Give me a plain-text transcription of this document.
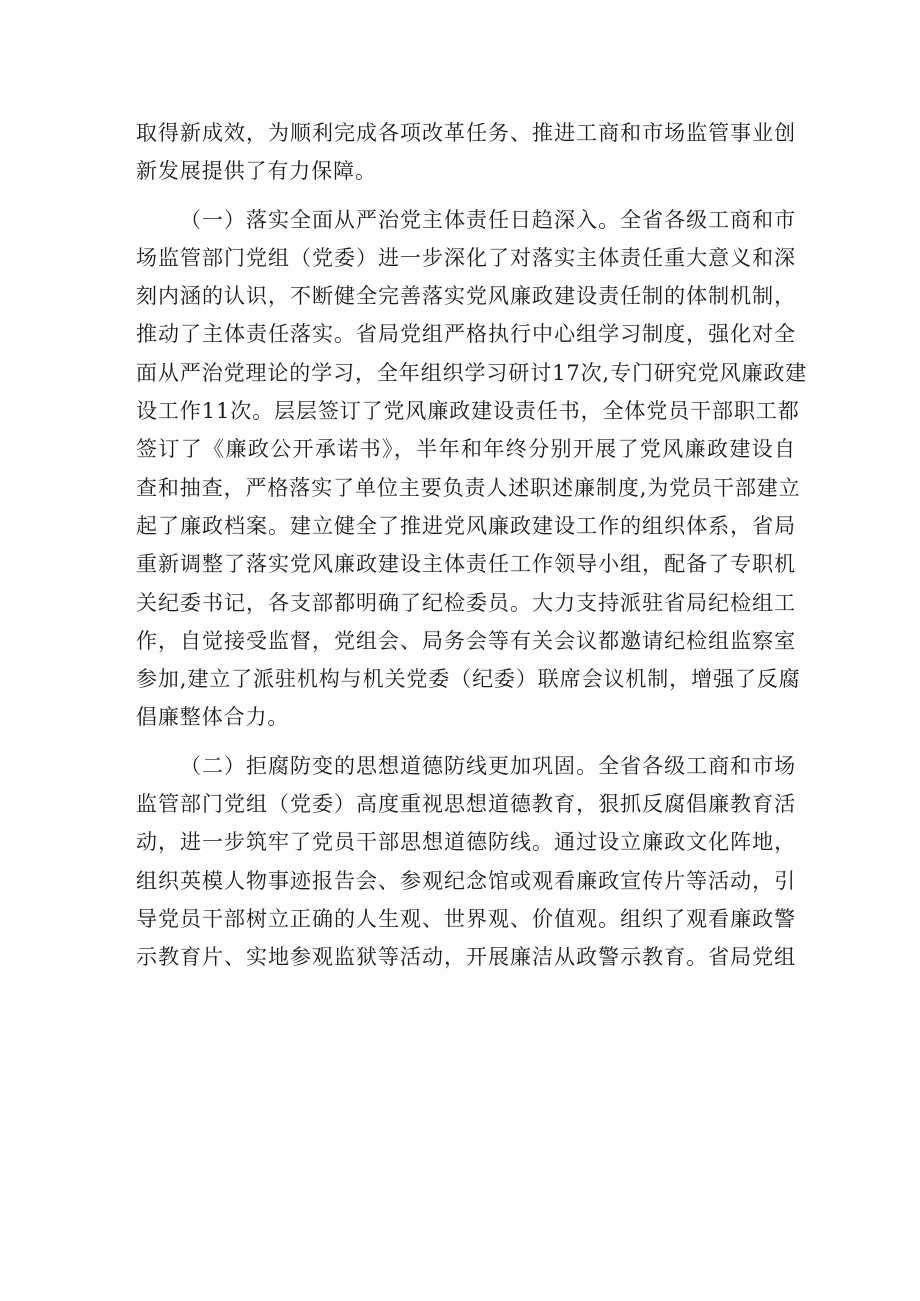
取得新成效，为顺利完成各项改革任务、推进工商和市场监管事业创
新发展提供了有力保障。
（一）落实全面从严治党主体责任日趋深入。全省各级工商和市
场监管部门党组（党委）进一步深化了对落实主体责任重大意义和深
刻内涵的认识，不断健全完善落实党风廉政建设责任制的体制机制，
推动了主体责任落实。省局党组严格执行中心组学习制度，强化对全
面从严治党理论的学习，全年组织学习研讨17次,专门研究党风廉政建
设工作11次。层层签订了党风廉政建设责任书，全体党员干部职工都
签订了《廉政公开承诺书》，半年和年终分别开展了党风廉政建设自
查和抽查，严格落实了单位主要负责人述职述廉制度,为党员干部建立
起了廉政档案。建立健全了推进党风廉政建设工作的组织体系，省局
重新调整了落实党风廉政建设主体责任工作领导小组，配备了专职机
关纪委书记，各支部都明确了纪检委员。大力支持派驻省局纪检组工
作，自觉接受监督，党组会、局务会等有关会议都邀请纪检组监察室
参加,建立了派驻机构与机关党委（纪委）联席会议机制，增强了反腐
倡廉整体合力。
（二）拒腐防变的思想道德防线更加巩固。全省各级工商和市场
监管部门党组（党委）高度重视思想道德教育，狠抓反腐倡廉教育活
动，进一步筑牢了党员干部思想道德防线。通过设立廉政文化阵地，
组织英模人物事迹报告会、参观纪念馆或观看廉政宣传片等活动，引
导党员干部树立正确的人生观、世界观、价值观。组织了观看廉政警
示教育片、实地参观监狱等活动，开展廉洁从政警示教育。省局党组
